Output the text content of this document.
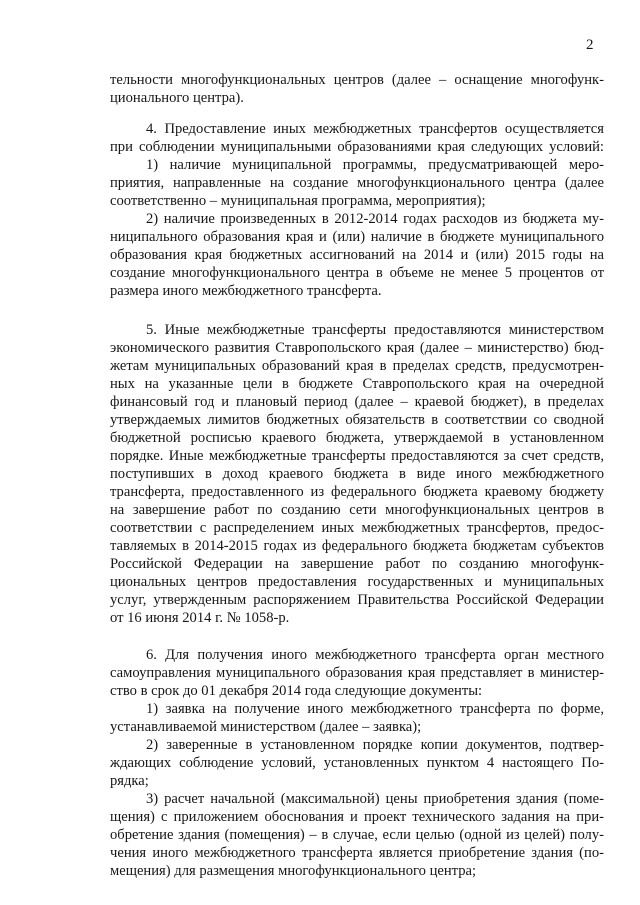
2
тельности многофункциональных центров (далее – оснащение многофунк-
ционального центра).
4. Предоставление иных межбюджетных трансфертов осуществляется
при соблюдении муниципальными образованиями края следующих условий:
1) наличие муниципальной программы, предусматривающей меро-
приятия, направленные на создание многофункционального центра (далее
соответственно – муниципальная программа, мероприятия);
2) наличие произведенных в 2012-2014 годах расходов из бюджета му-
ниципального образования края и (или) наличие в бюджете муниципального
образования края бюджетных ассигнований на 2014 и (или) 2015 годы на
создание многофункционального центра в объеме не менее 5 процентов от
размера иного межбюджетного трансферта.
5. Иные межбюджетные трансферты предоставляются министерством
экономического развития Ставропольского края (далее – министерство) бюд-
жетам муниципальных образований края в пределах средств, предусмотрен-
ных на указанные цели в бюджете Ставропольского края на очередной
финансовый год и плановый период (далее – краевой бюджет), в пределах
утверждаемых лимитов бюджетных обязательств в соответствии со сводной
бюджетной росписью краевого бюджета, утверждаемой в установленном
порядке. Иные межбюджетные трансферты предоставляются за счет средств,
поступивших в доход краевого бюджета в виде иного межбюджетного
трансферта, предоставленного из федерального бюджета краевому бюджету
на завершение работ по созданию сети многофункциональных центров в
соответствии с распределением иных межбюджетных трансфертов, предос-
тавляемых в 2014-2015 годах из федерального бюджета бюджетам субъектов
Российской Федерации на завершение работ по созданию многофунк-
циональных центров предоставления государственных и муниципальных
услуг, утвержденным распоряжением Правительства Российской Федерации
от 16 июня 2014 г. № 1058-р.
6. Для получения иного межбюджетного трансферта орган местного
самоуправления муниципального образования края представляет в министер-
ство в срок до 01 декабря 2014 года следующие документы:
1) заявка на получение иного межбюджетного трансферта по форме,
устанавливаемой министерством (далее – заявка);
2) заверенные в установленном порядке копии документов, подтвер-
ждающих соблюдение условий, установленных пунктом 4 настоящего По-
рядка;
3) расчет начальной (максимальной) цены приобретения здания (поме-
щения) с приложением обоснования и проект технического задания на при-
обретение здания (помещения) – в случае, если целью (одной из целей) полу-
чения иного межбюджетного трансферта является приобретение здания (по-
мещения) для размещения многофункционального центра;
